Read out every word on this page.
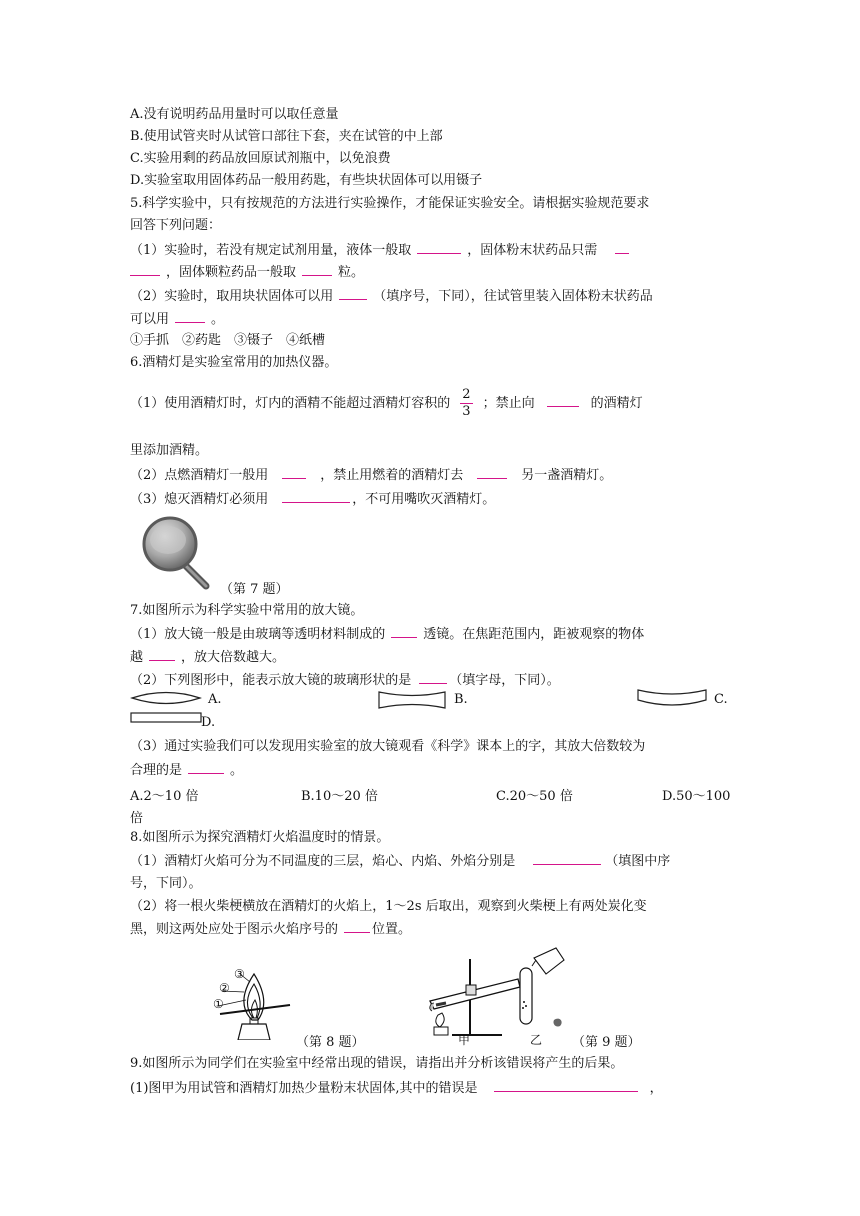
A.没有说明药品用量时可以取任意量
B.使用试管夹时从试管口部往下套，夹在试管的中上部
C.实验用剩的药品放回原试剂瓶中，以免浪费
D.实验室取用固体药品一般用药匙，有些块状固体可以用镊子
5.科学实验中，只有按规范的方法进行实验操作，才能保证实验安全。请根据实验规范要求
回答下列问题：
（1）实验时，若没有规定试剂用量，液体一般取	，固体粉末状药品只需
，固体颗粒药品一般取	粒。
（2）实验时，取用块状固体可以用	（填序号，下同），往试管里装入固体粉末状药品
可以用	。
①手抓　②药匙　③镊子　④纸槽
6.酒精灯是实验室常用的加热仪器。
（1）使用酒精灯时，灯内的酒精不能超过酒精灯容积的 $\frac{2}{3}$ ；禁止向	的酒精灯
里添加酒精。
（2）点燃酒精灯一般用	，禁止用燃着的酒精灯去	另一盏酒精灯。
（3）熄灭酒精灯必须用	，不可用嘴吹灭酒精灯。
（第 7 题）
7.如图所示为科学实验中常用的放大镜。
（1）放大镜一般是由玻璃等透明材料制成的	透镜。在焦距范围内，距被观察的物体
越	，放大倍数越大。
（2）下列图形中，能表示放大镜的玻璃形状的是	（填字母，下同）。
A.	B.	C.
D.
（3）通过实验我们可以发现用实验室的放大镜观看《科学》课本上的字，其放大倍数较为
合理的是	。
A.2～10 倍	B.10～20 倍	C.20～50 倍	D.50～100
倍
8.如图所示为探究酒精灯火焰温度时的情景。
（1）酒精灯火焰可分为不同温度的三层，焰心、内焰、外焰分别是	（填图中序
号，下同）。
（2）将一根火柴梗横放在酒精灯的火焰上，1～2s 后取出，观察到火柴梗上有两处炭化变
黑，则这两处应处于图示火焰序号的	位置。
①
②
③
（第 8 题）	甲	乙 （第 9 题）
9.如图所示为同学们在实验室中经常出现的错误，请指出并分析该错误将产生的后果。
(1)图甲为用试管和酒精灯加热少量粉末状固体,其中的错误是	，
